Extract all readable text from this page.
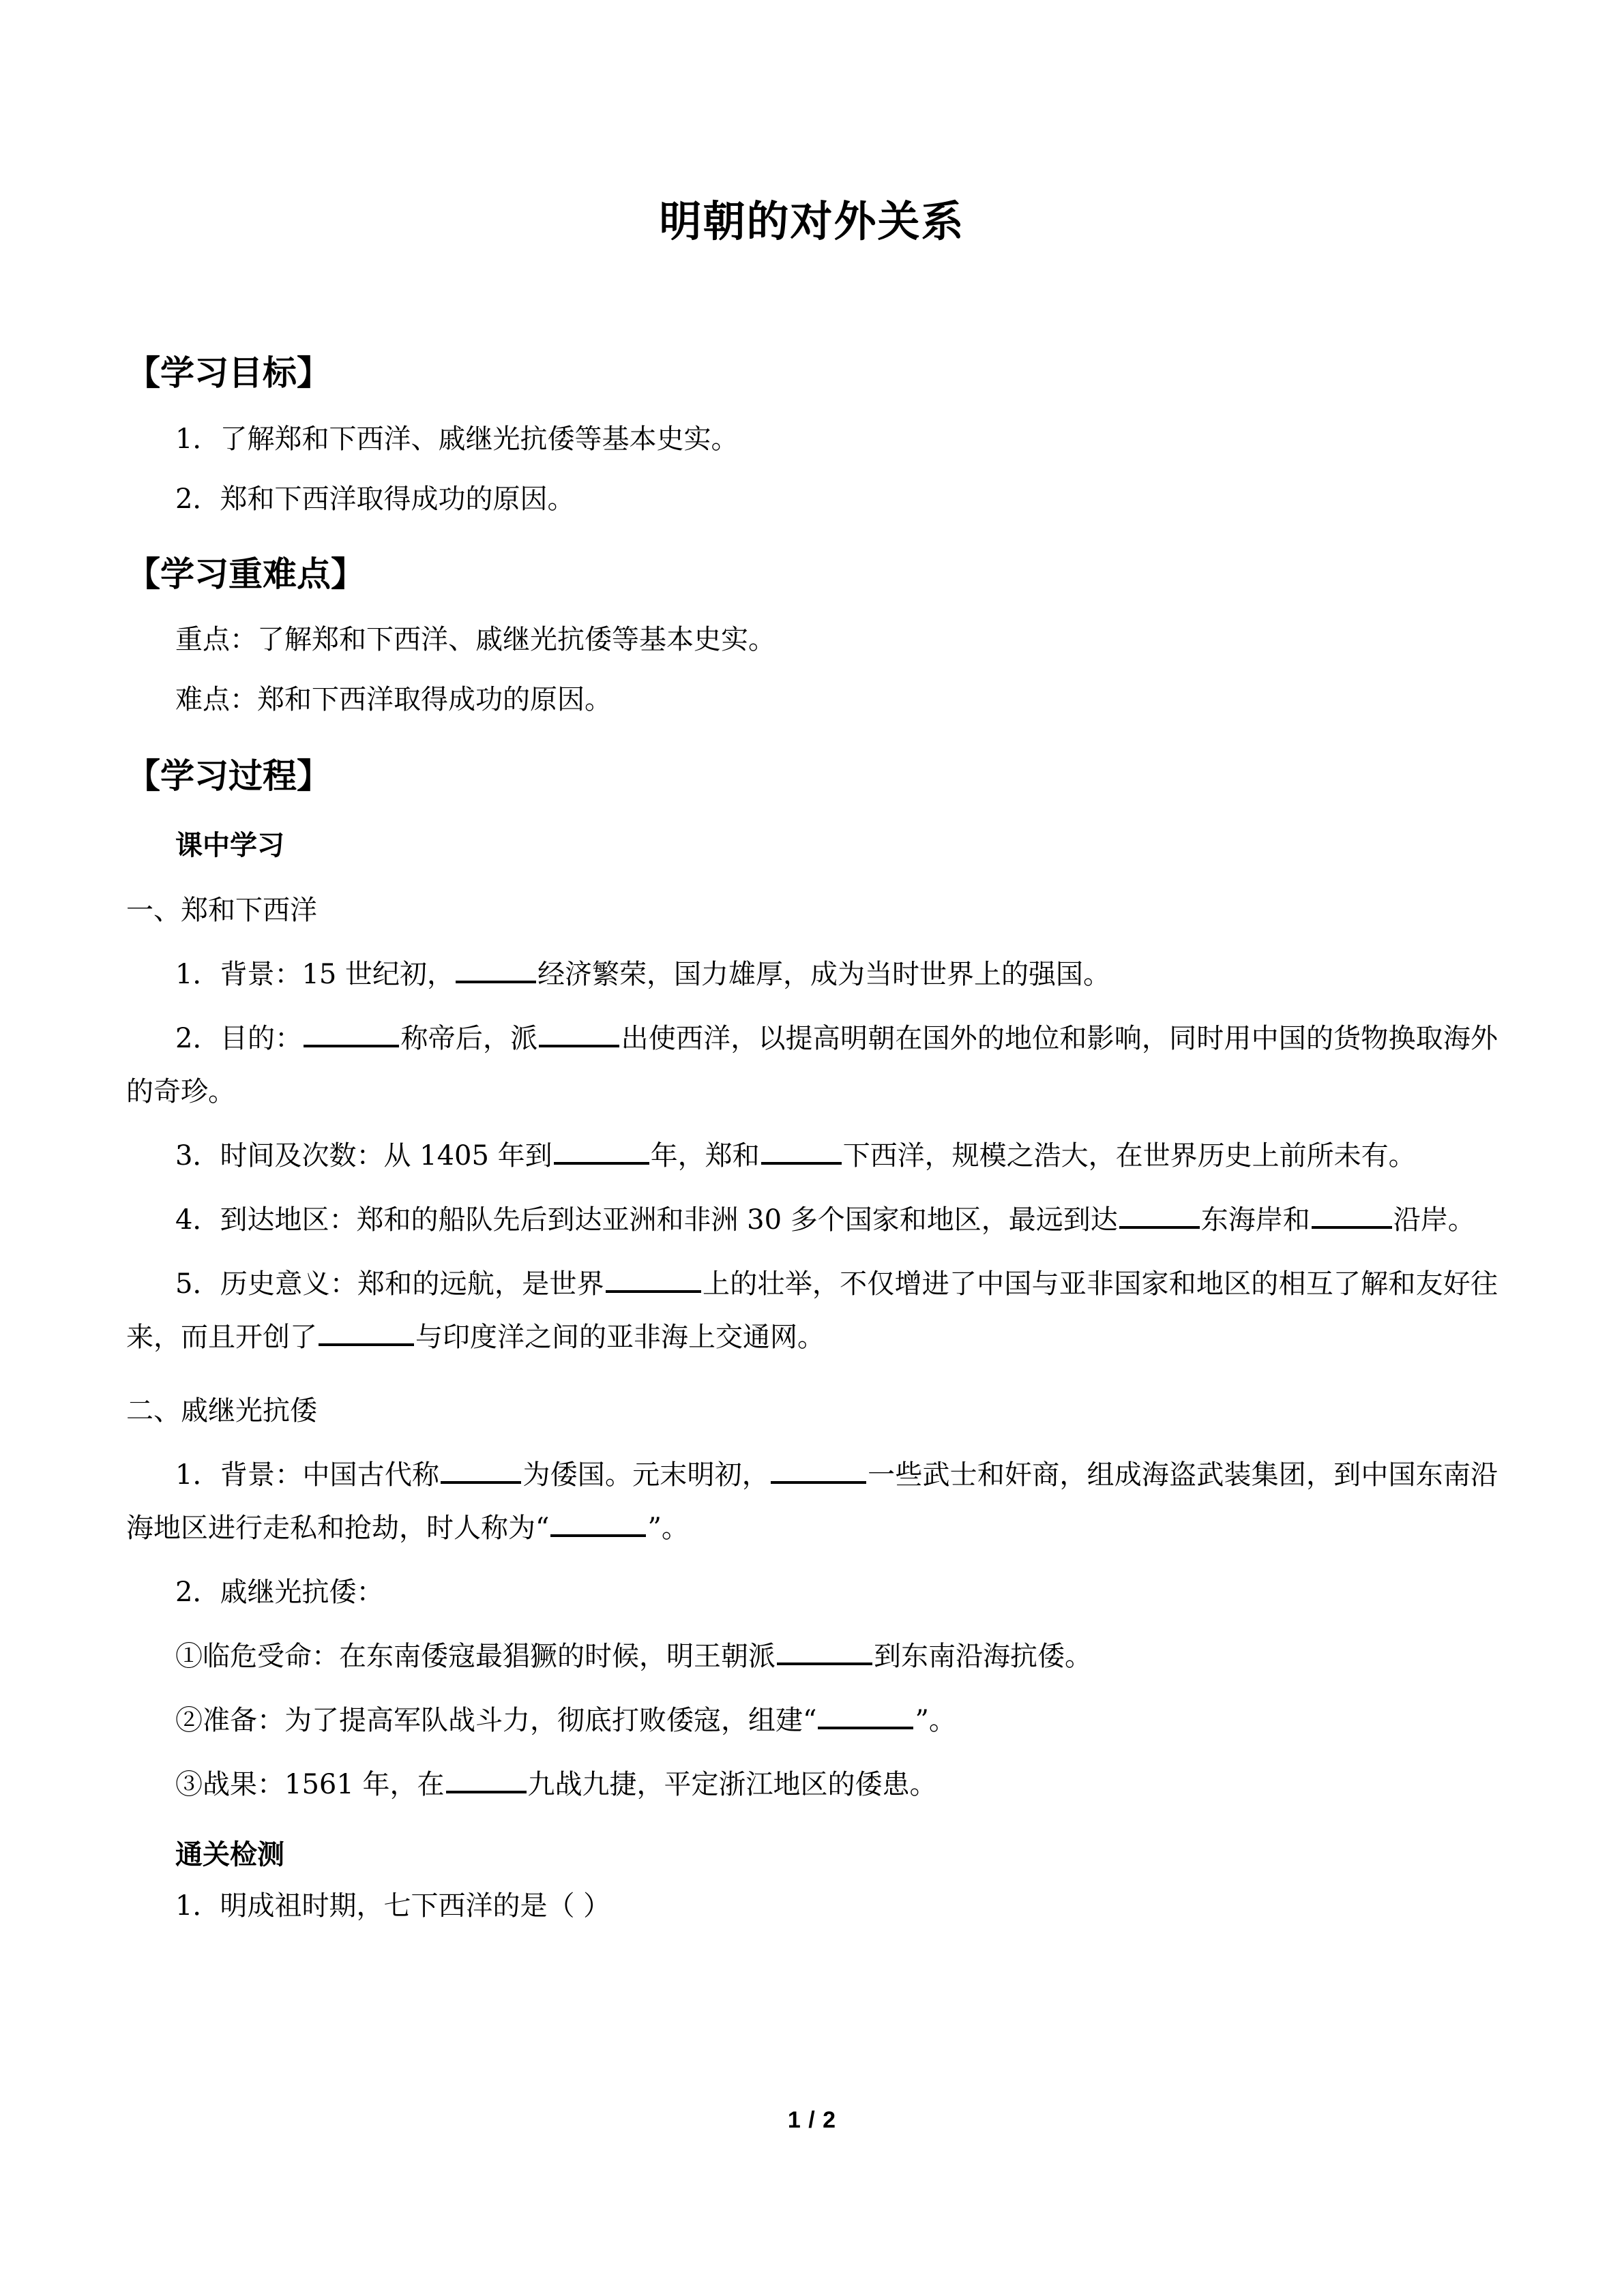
明朝的对外关系
【学习目标】

1．了解郑和下西洋、戚继光抗倭等基本史实。

2．郑和下西洋取得成功的原因。

【学习重难点】

重点：了解郑和下西洋、戚继光抗倭等基本史实。

难点：郑和下西洋取得成功的原因。

【学习过程】
课中学习

一、郑和下西洋

1．背景：15 世纪初，	经济繁荣，国力雄厚，成为当时世界上的强国。

2．目的：	称帝后，派	出使西洋，以提高明朝在国外的地位和影响，同时用中国的货物换取海外的奇珍。

3．时间及次数：从 1405 年到	年，郑和	下西洋，规模之浩大，在世界历史上前所未有。

4．到达地区：郑和的船队先后到达亚洲和非洲 30 多个国家和地区，最远到达	东海岸和	沿岸。

5．历史意义：郑和的远航，是世界	上的壮举，不仅增进了中国与亚非国家和地区的相互了解和友好往来，而且开创了	与印度洋之间的亚非海上交通网。

二、戚继光抗倭

1．背景：中国古代称	为倭国。元末明初，	一些武士和奸商，组成海盗武装集团，到中国东南沿海地区进行走私和抢劫，时人称为“	”。

2．戚继光抗倭：

①临危受命：在东南倭寇最猖獗的时候，明王朝派	到东南沿海抗倭。

②准备：为了提高军队战斗力，彻底打败倭寇，组建“	”。

③战果：1561 年，在	九战九捷，平定浙江地区的倭患。

通关检测

1．明成祖时期，七下西洋的是（ ）

1 / 2
